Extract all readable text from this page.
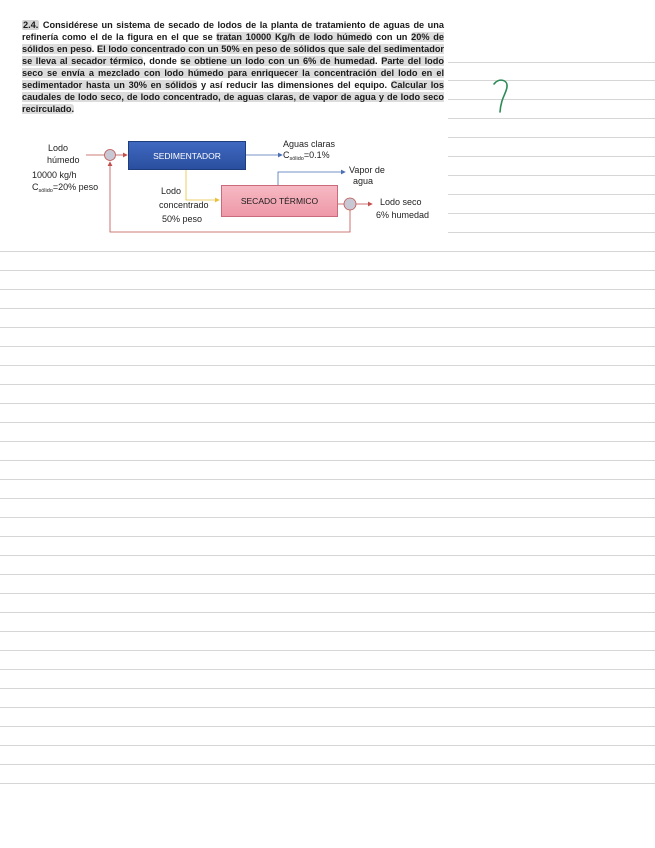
2.4. Considérese un sistema de secado de lodos de la planta de tratamiento de aguas de una refinería como el de la figura en el que se tratan 10000 Kg/h de lodo húmedo con un 20% de sólidos en peso. El lodo concentrado con un 50% en peso de sólidos que sale del sedimentador se lleva al secador térmico, donde se obtiene un lodo con un 6% de humedad. Parte del lodo seco se envía a mezclado con lodo húmedo para enriquecer la concentración del lodo en el sedimentador hasta un 30% en sólidos y así reducir las dimensiones del equipo. Calcular los caudales de lodo seco, de lodo concentrado, de aguas claras, de vapor de agua y de lodo seco recirculado.
SEDIMENTADOR
SECADO TÉRMICO
Lodo
húmedo
10000 kg/h
$C_{sólido}=20\%$ peso
Aguas claras
$C_{sólido}=0.1\%$
Vapor de
agua
Lodo
concentrado
50% peso
Lodo seco
6% humedad
